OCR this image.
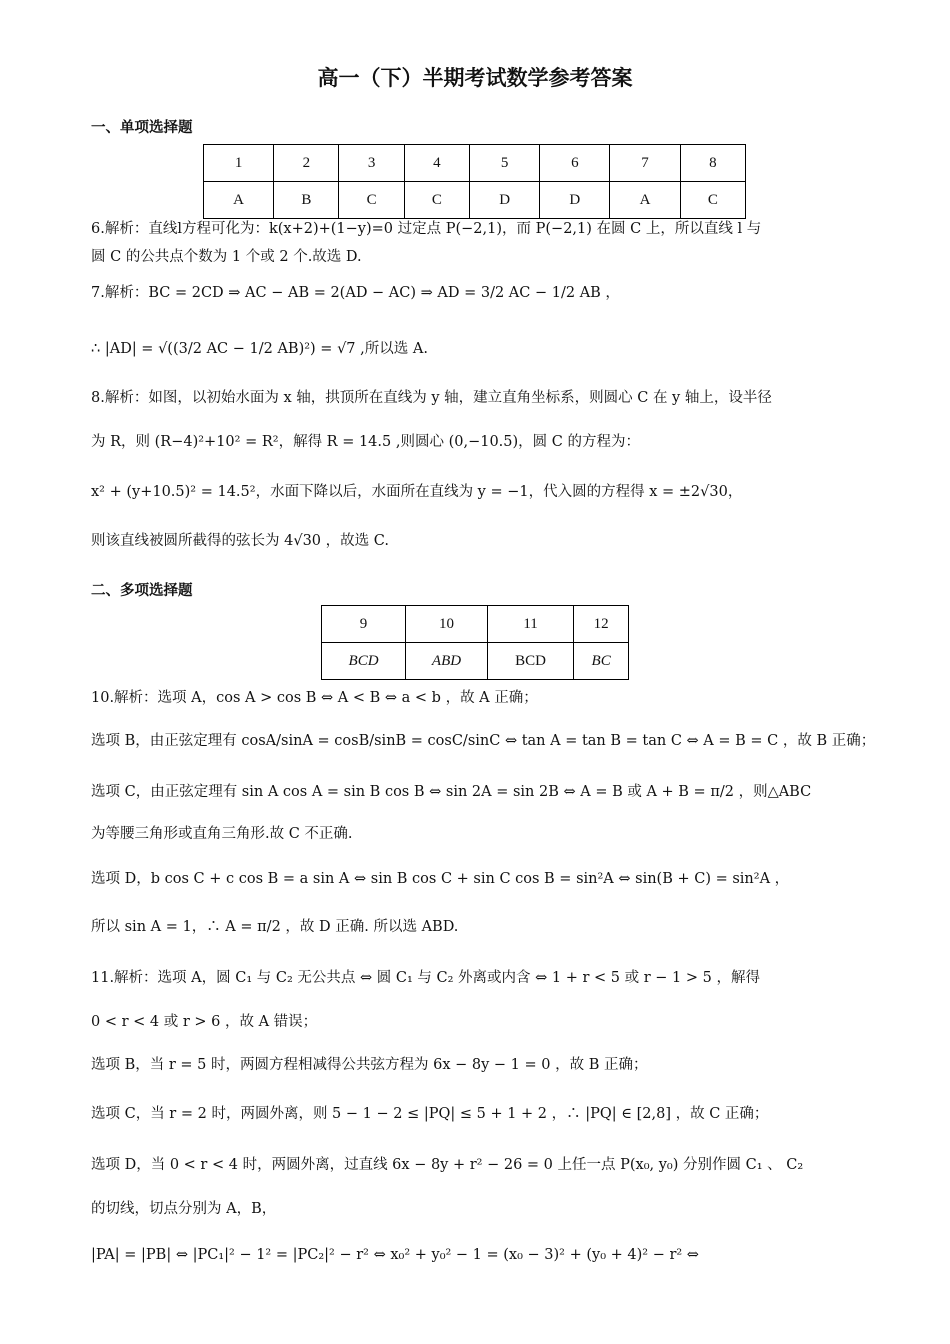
高一（下）半期考试数学参考答案
一、单项选择题
1	2	3	4	5	6	7	8
A	B	C	C	D	D	A	C
6.解析：直线l方程可化为：k(x+2)+(1−y)=0 过定点 P(−2,1)，而 P(−2,1) 在圆 C 上，所以直线 l 与
圆 C 的公共点个数为 1 个或 2 个.故选 D.
7.解析：BC = 2CD ⇒ AC − AB = 2(AD − AC) ⇒ AD = 3/2 AC − 1/2 AB ，
∴ |AD| = √((3/2 AC − 1/2 AB)²) = √7 ,所以选 A.
8.解析：如图，以初始水面为 x 轴，拱顶所在直线为 y 轴，建立直角坐标系，则圆心 C 在 y 轴上，设半径
为 R，则 (R−4)²+10² = R²，解得 R = 14.5 ,则圆心 (0,−10.5)，圆 C 的方程为：
x² + (y+10.5)² = 14.5²，水面下降以后，水面所在直线为 y = −1，代入圆的方程得 x = ±2√30，
则该直线被圆所截得的弦长为 4√30 ，故选 C.
二、多项选择题
9	10	11	12
BCD	ABD	BCD	BC
10.解析：选项 A，cos A > cos B ⇔ A < B ⇔ a < b ，故 A 正确；
选项 B，由正弦定理有 cosA/sinA = cosB/sinB = cosC/sinC ⇔ tan A = tan B = tan C ⇔ A = B = C ，故 B 正确；
选项 C，由正弦定理有 sin A cos A = sin B cos B ⇔ sin 2A = sin 2B ⇔ A = B 或 A + B = π/2 ，则△ABC
为等腰三角形或直角三角形.故 C 不正确.
选项 D，b cos C + c cos B = a sin A ⇔ sin B cos C + sin C cos B = sin²A ⇔ sin(B + C) = sin²A ，
所以 sin A = 1，∴ A = π/2 ，故 D 正确. 所以选 ABD.
11.解析：选项 A，圆 C₁ 与 C₂ 无公共点 ⇔ 圆 C₁ 与 C₂ 外离或内含 ⇔ 1 + r < 5 或 r − 1 > 5 ，解得
0 < r < 4 或 r > 6 ，故 A 错误；
选项 B，当 r = 5 时，两圆方程相减得公共弦方程为 6x − 8y − 1 = 0 ，故 B 正确；
选项 C，当 r = 2 时，两圆外离，则 5 − 1 − 2 ≤ |PQ| ≤ 5 + 1 + 2 ，∴ |PQ| ∈ [2,8] ，故 C 正确；
选项 D，当 0 < r < 4 时，两圆外离，过直线 6x − 8y + r² − 26 = 0 上任一点 P(x₀, y₀) 分别作圆 C₁ 、 C₂
的切线，切点分别为 A，B，
|PA| = |PB| ⇔ |PC₁|² − 1² = |PC₂|² − r² ⇔ x₀² + y₀² − 1 = (x₀ − 3)² + (y₀ + 4)² − r² ⇔
